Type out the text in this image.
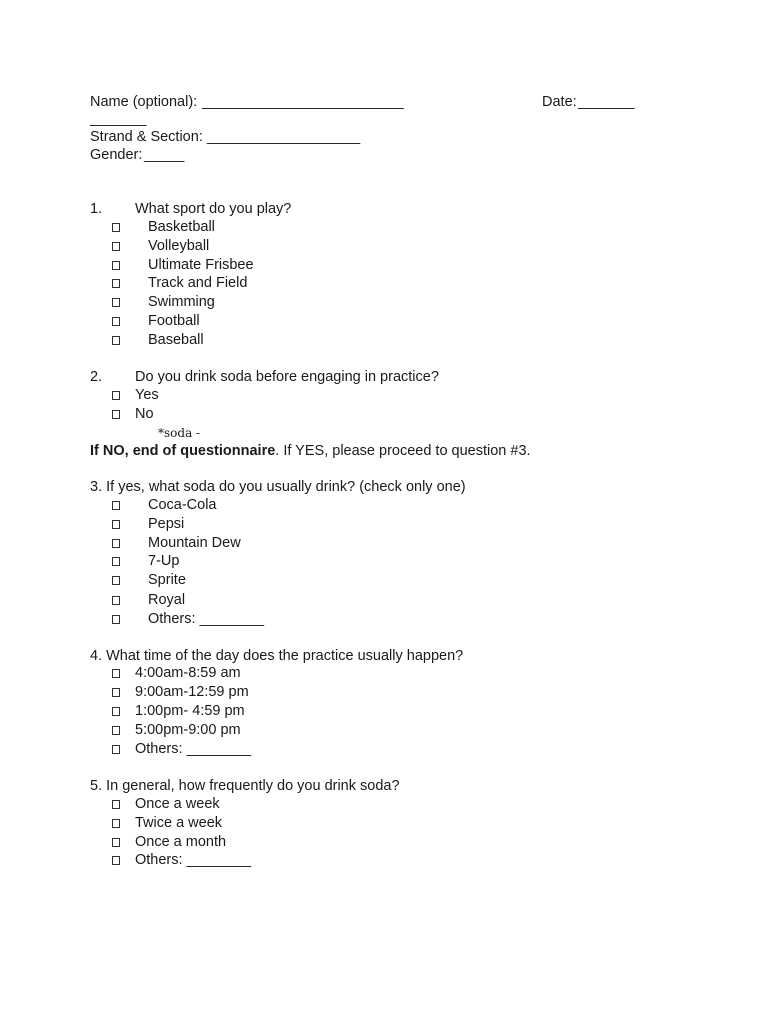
Name (optional): _________________________	Date: _______
_______
Strand & Section: ___________________
Gender: _____
1. What sport do you play?
Basketball
Volleyball
Ultimate Frisbee
Track and Field
Swimming
Football
Baseball
2. Do you drink soda before engaging in practice?
Yes
No
*soda -
If NO, end of questionnaire. If YES, please proceed to question #3.
3. If yes, what soda do you usually drink? (check only one)
Coca-Cola
Pepsi
Mountain Dew
7-Up
Sprite
Royal
Others: ________
4. What time of the day does the practice usually happen?
4:00am-8:59 am
9:00am-12:59 pm
1:00pm- 4:59 pm
5:00pm-9:00 pm
Others: ________
5. In general, how frequently do you drink soda?
Once a week
Twice a week
Once a month
Others: ________
